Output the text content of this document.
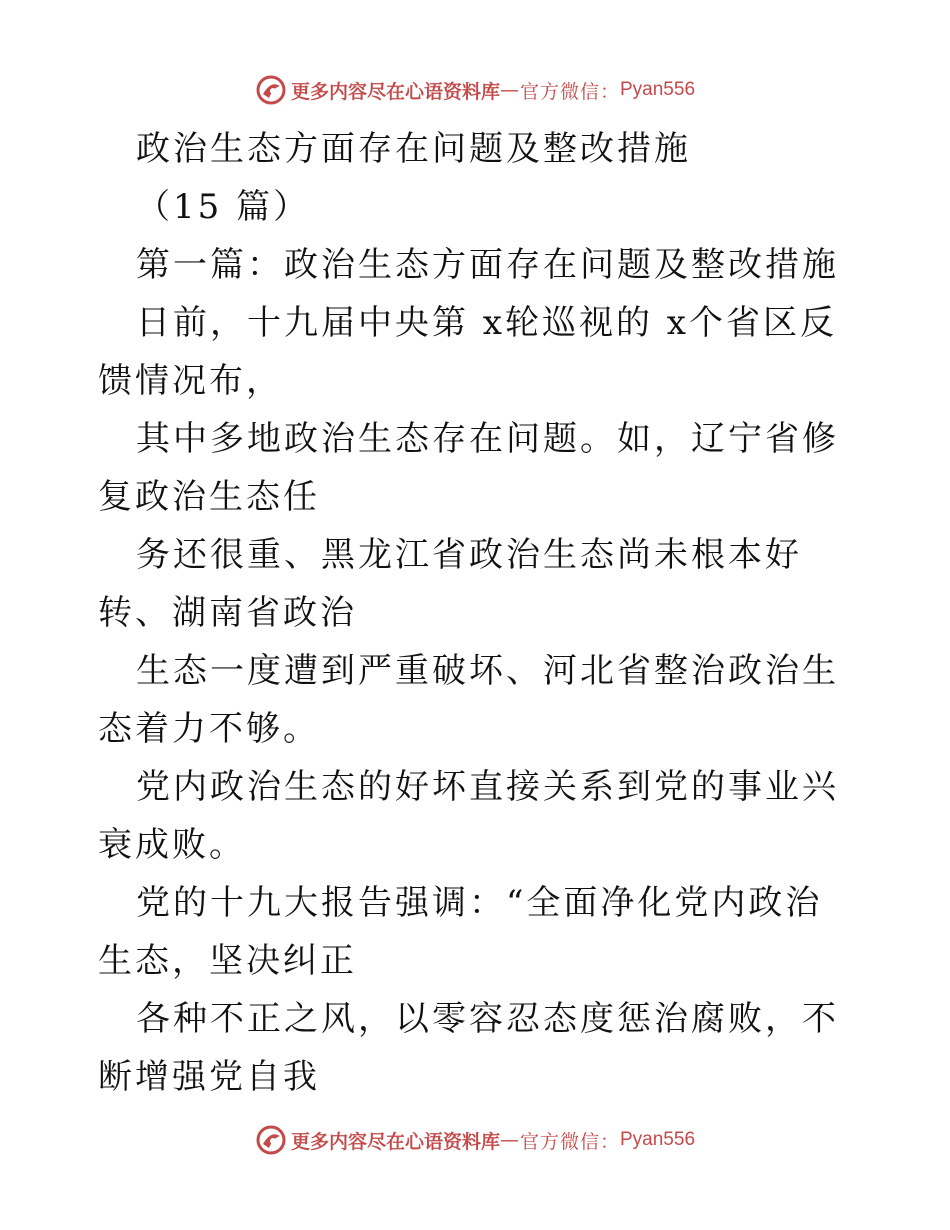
更多内容尽在心语资料库 — 官方微信： Pyan556

政治生态方面存在问题及整改措施

（15 篇）

第一篇：政治生态方面存在问题及整改措施

日前，十九届中央第 x轮巡视的 x个省区反馈情况布，

其中多地政治生态存在问题。如，辽宁省修复政治生态任

务还很重、黑龙江省政治生态尚未根本好转、湖南省政治

生态一度遭到严重破坏、河北省整治政治生态着力不够。

党内政治生态的好坏直接关系到党的事业兴衰成败。

党的十九大报告强调：“全面净化党内政治生态，坚决纠正

各种不正之风，以零容忍态度惩治腐败，不断增强党自我

更多内容尽在心语资料库 — 官方微信： Pyan556
